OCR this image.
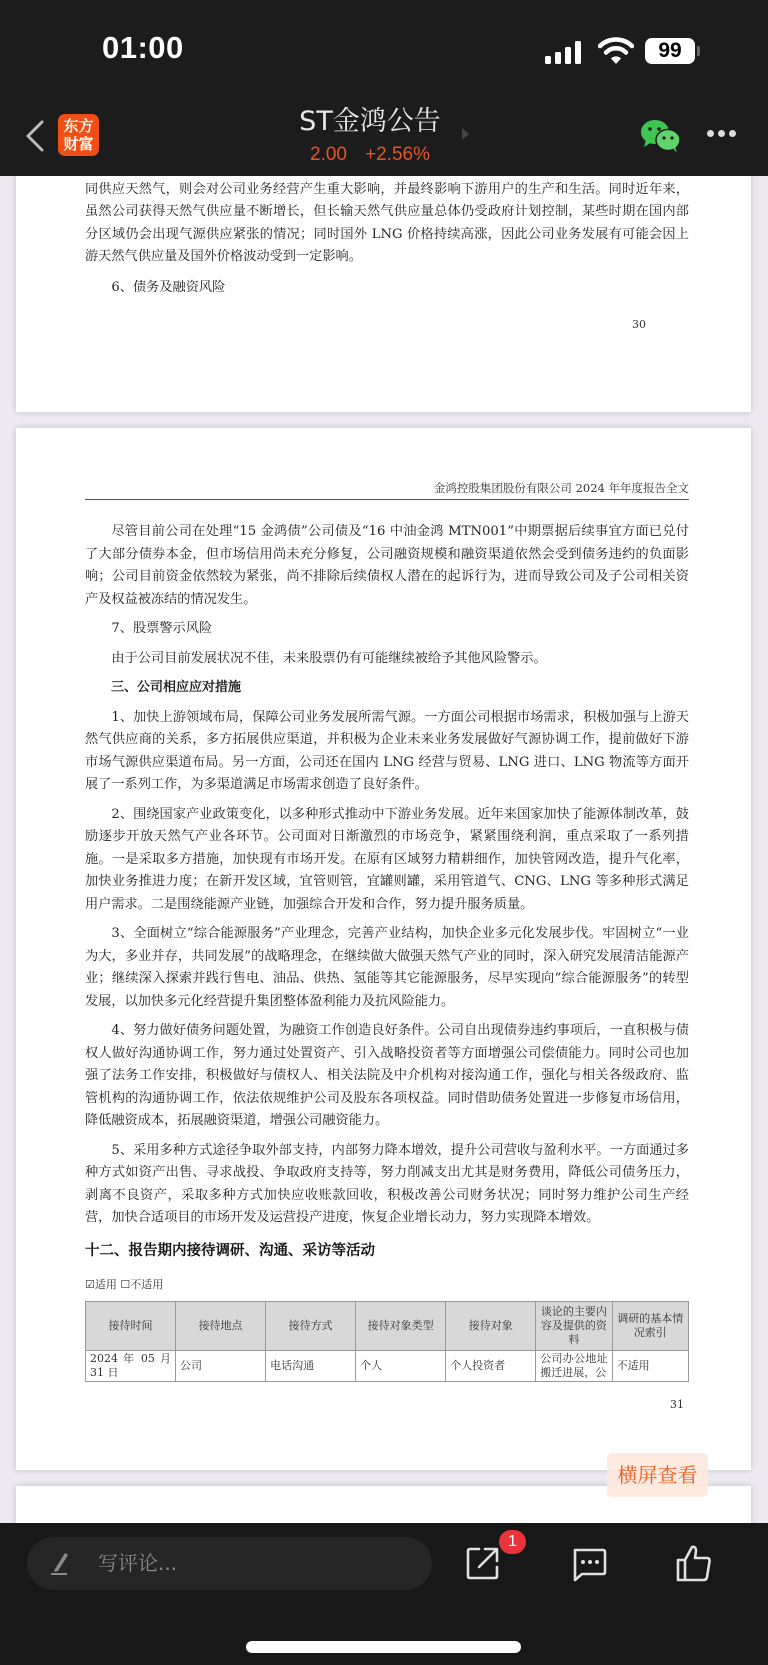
同供应天然气，则会对公司业务经营产生重大影响，并最终影响下游用户的生产和生活。同时近年来，虽然公司获得天然气供应量不断增长，但长输天然气供应量总体仍受政府计划控制，某些时期在国内部分区域仍会出现气源供应紧张的情况；同时国外 LNG 价格持续高涨，因此公司业务发展有可能会因上游天然气供应量及国外价格波动受到一定影响。

6、债务及融资风险

30
金鸿控股集团股份有限公司 2024 年年度报告全文

尽管目前公司在处理“15 金鸿债”公司债及“16 中油金鸿 MTN001”中期票据后续事宜方面已兑付了大部分债券本金，但市场信用尚未充分修复，公司融资规模和融资渠道依然会受到债务违约的负面影响；公司目前资金依然较为紧张，尚不排除后续债权人潜在的起诉行为，进而导致公司及子公司相关资产及权益被冻结的情况发生。

7、股票警示风险

由于公司目前发展状况不佳，未来股票仍有可能继续被给予其他风险警示。

三、公司相应应对措施

1、加快上游领域布局，保障公司业务发展所需气源。一方面公司根据市场需求，积极加强与上游天然气供应商的关系，多方拓展供应渠道，并积极为企业未来业务发展做好气源协调工作，提前做好下游市场气源供应渠道布局。另一方面，公司还在国内 LNG 经营与贸易、LNG 进口、LNG 物流等方面开展了一系列工作，为多渠道满足市场需求创造了良好条件。

2、围绕国家产业政策变化，以多种形式推动中下游业务发展。近年来国家加快了能源体制改革，鼓励逐步开放天然气产业各环节。公司面对日渐激烈的市场竞争，紧紧围绕利润，重点采取了一系列措施。一是采取多方措施，加快现有市场开发。在原有区域努力精耕细作，加快管网改造，提升气化率，加快业务推进力度；在新开发区域，宜管则管，宜罐则罐，采用管道气、CNG、LNG 等多种形式满足用户需求。二是围绕能源产业链，加强综合开发和合作，努力提升服务质量。

3、全面树立“综合能源服务”产业理念，完善产业结构，加快企业多元化发展步伐。牢固树立“一业为大，多业并存，共同发展”的战略理念，在继续做大做强天然气产业的同时，深入研究发展清洁能源产业；继续深入探索并践行售电、油品、供热、氢能等其它能源服务，尽早实现向“综合能源服务”的转型发展，以加快多元化经营提升集团整体盈利能力及抗风险能力。

4、努力做好债务问题处置，为融资工作创造良好条件。公司自出现债券违约事项后，一直积极与债权人做好沟通协调工作，努力通过处置资产、引入战略投资者等方面增强公司偿债能力。同时公司也加强了法务工作安排，积极做好与债权人、相关法院及中介机构对接沟通工作，强化与相关各级政府、监管机构的沟通协调工作，依法依规维护公司及股东各项权益。同时借助债务处置进一步修复市场信用，降低融资成本，拓展融资渠道，增强公司融资能力。

5、采用多种方式途径争取外部支持，内部努力降本增效，提升公司营收与盈利水平。一方面通过多种方式如资产出售、寻求战投、争取政府支持等，努力削减支出尤其是财务费用，降低公司债务压力，剥离不良资产，采取多种方式加快应收账款回收，积极改善公司财务状况；同时努力维护公司生产经营，加快合适项目的市场开发及运营投产进度，恢复企业增长动力，努力实现降本增效。

十二、报告期内接待调研、沟通、采访等活动

☑适用 ☐不适用

接待时间	接待地点	接待方式	接待对象类型	接待对象	谈论的主要内容及提供的资料	调研的基本情况索引
2024 年 05 月 31 日	公司	电话沟通	个人	个人投资者	公司办公地址搬迁进展，公	不适用
31
横屏查看
01:00	99
东方
财富
ST金鸿公告
2.00 +2.56%
写评论...
1
